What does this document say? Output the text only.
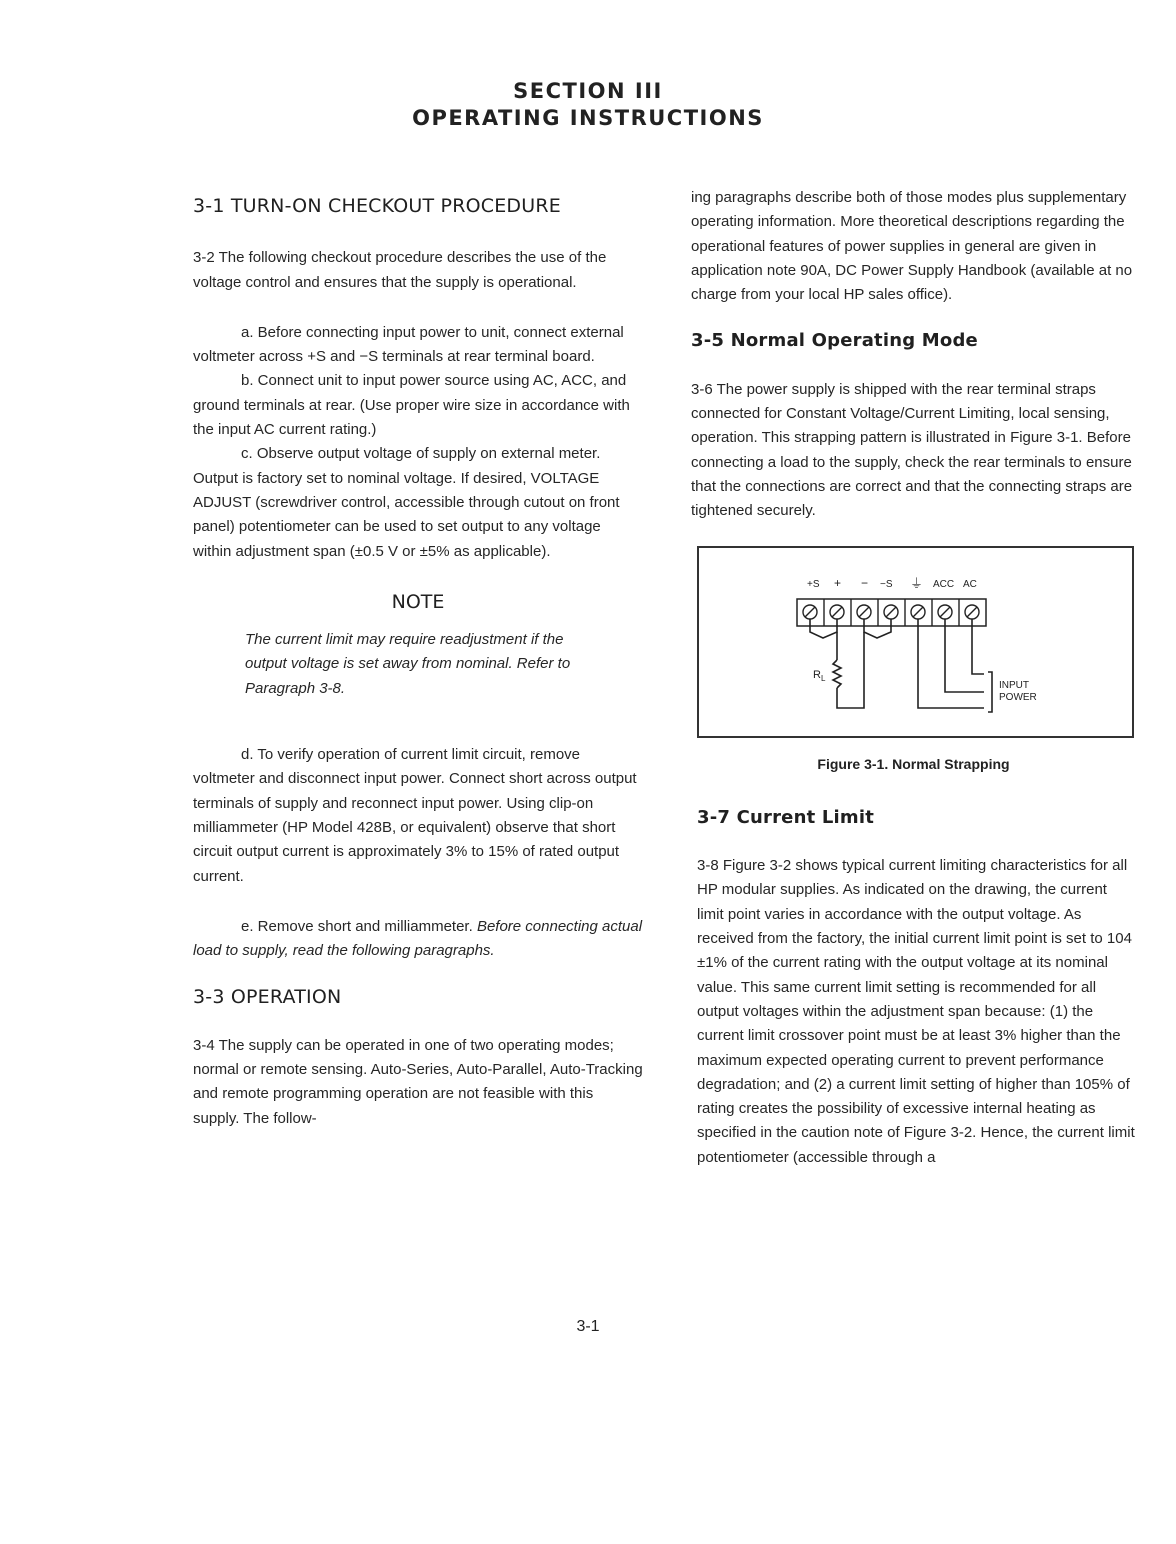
SECTION III
OPERATING INSTRUCTIONS
3-1 TURN-ON CHECKOUT PROCEDURE

3-2 The following checkout procedure describes the use of the voltage control and ensures that the supply is operational.

a. Before connecting input power to unit, connect external voltmeter across +S and −S terminals at rear terminal board.

b. Connect unit to input power source using AC, ACC, and ground terminals at rear. (Use proper wire size in accordance with the input AC current rating.)

c. Observe output voltage of supply on external meter. Output is factory set to nominal voltage. If desired, VOLTAGE ADJUST (screwdriver control, accessible through cutout on front panel) potentiometer can be used to set output to any voltage within adjustment span (±0.5 V or ±5% as applicable).

NOTE

The current limit may require readjustment if the output voltage is set away from nominal. Refer to Paragraph 3-8.

d. To verify operation of current limit circuit, remove voltmeter and disconnect input power. Connect short across output terminals of supply and reconnect input power. Using clip-on milliammeter (HP Model 428B, or equivalent) observe that short circuit output current is approximately 3% to 15% of rated output current.

e. Remove short and milliammeter. Before connecting actual load to supply, read the following paragraphs.

3-3 OPERATION

3-4 The supply can be operated in one of two operating modes; normal or remote sensing. Auto-Series, Auto-Parallel, Auto-Tracking and remote programming operation are not feasible with this supply. The follow-

ing paragraphs describe both of those modes plus supplementary operating information. More theoretical descriptions regarding the operational features of power supplies in general are given in application note 90A, DC Power Supply Handbook (available at no charge from your local HP sales office).

3-5 Normal Operating Mode

3-6 The power supply is shipped with the rear terminal straps connected for Constant Voltage/Current Limiting, local sensing, operation. This strapping pattern is illustrated in Figure 3-1. Before connecting a load to the supply, check the rear terminals to ensure that the connections are correct and that the connecting straps are tightened securely.

+S + − −S ⏚ ACC AC
$R_L$
INPUT
POWER
Figure 3-1. Normal Strapping
3-7 Current Limit

3-8 Figure 3-2 shows typical current limiting characteristics for all HP modular supplies. As indicated on the drawing, the current limit point varies in accordance with the output voltage. As received from the factory, the initial current limit point is set to 104 ±1% of the current rating with the output voltage at its nominal value. This same current limit setting is recommended for all output voltages within the adjustment span because: (1) the current limit crossover point must be at least 3% higher than the maximum expected operating current to prevent performance degradation; and (2) a current limit setting of higher than 105% of rating creates the possibility of excessive internal heating as specified in the caution note of Figure 3-2. Hence, the current limit potentiometer (accessible through a

3-1
